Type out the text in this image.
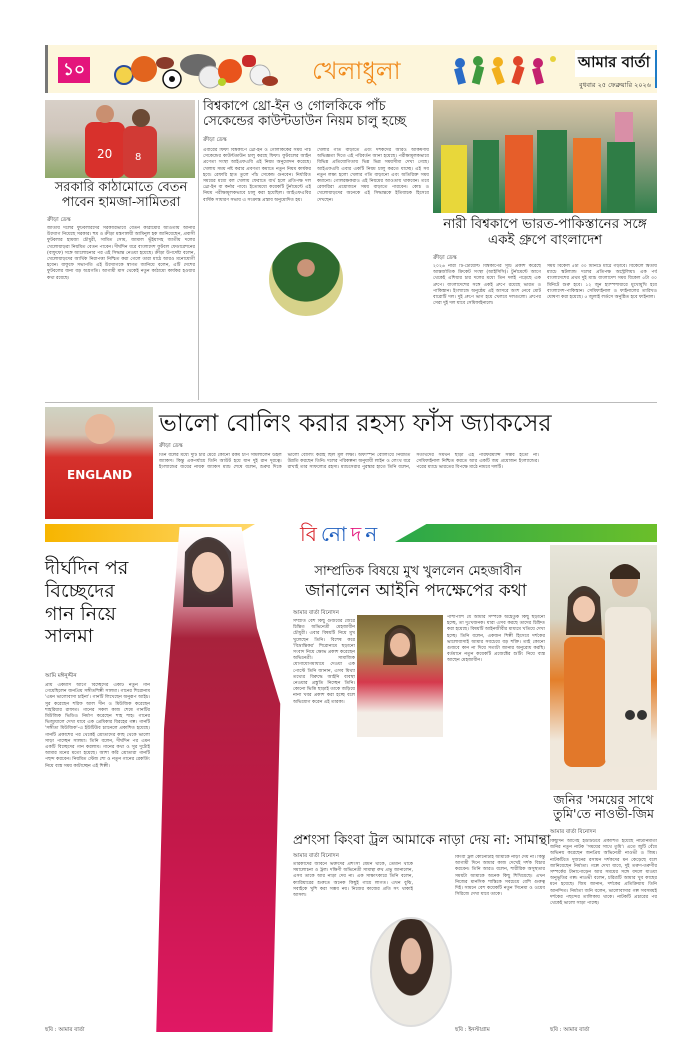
১০	খেলাধুলা	আমার বার্তা
বুধবার ২৫ ফেব্রুয়ারি ২০২৬
20 8
সরকারি কাঠামোতে বেতন পাবেন হামজা-সামিতরা
ক্রীড়া ডেস্ক
জাতীয় দলের ফুটবলারদের সরকারিভাবে বেতন কাঠামোর আওতায় আনার উদ্যোগ নিয়েছে সরকার। হুম ও ক্রীড়া মন্ত্রণালয়ী আমিনুল হক জানিয়েছেন, প্রবাসী ফুটবলার হামজা চৌধুরী, সামিত সোম, জামাল ভূঁইয়াসহ জাতীয় দলের খেলোয়াড়রা নিয়মিত বেতন পাবেন। দীর্ঘদিন ধরে বাংলাদেশ ফুটবল ফেডারেশনের (বাফুফে) সঙ্গে আলোচনার পর এই সিদ্ধান্ত নেওয়া হয়েছে। ক্রীড়া উপদেষ্টা বলেন, খেলোয়াড়দের আর্থিক নিরাপত্তা নিশ্চিত করা গেলে তারা মাঠে আরও মনোযোগী হবেন। বাফুফে সভাপতি এই উদ্যোগকে স্বাগত জানিয়ে বলেন, এটি দেশের ফুটবলের জন্য বড় অগ্রগতি। আগামী মাস থেকেই নতুন কাঠামো কার্যকর হওয়ার কথা রয়েছে।
বিশ্বকাপে থ্রো-ইন ও গোলকিকে পাঁচ সেকেন্ডের কাউন্টডাউন নিয়ম চালু হচ্ছে
ক্রীড়া ডেস্ক
এবারের ফিফা বিশ্বকাপে থ্রো-ইন ও গোলকিকের সময় পাঁচ সেকেন্ডের কাউন্টডাউন চালু করছে ফিফা। ফুটবলের আইন প্রণেতা সংস্থা আইএফএবি এই নিয়ম অনুমোদন করেছে। খেলায় সময় নষ্ট করার প্রবণতা কমাতে নতুন নিয়ম কার্যকর হবে। রেফারি হাত তুলে পাঁচ সেকেন্ড গুনবেন। নির্ধারিত সময়ের মধ্যে বল খেলায় ফেরাতে ব্যর্থ হলে প্রতিপক্ষ দল থ্রো-ইন বা কর্নার পাবে। ইতোমধ্যে কয়েকটি টুর্নামেন্টে এই নিয়ম পরীক্ষামূলকভাবে চালু করা হয়েছিল। আইএফএবির বার্ষিক সাধারণ সভায় এ সংক্রান্ত প্রস্তাব অনুমোদিত হয়।
খেলার গতি বাড়াতে এবং দর্শকদের আরও আকর্ষণীয় অভিজ্ঞতা দিতে এই পরিবর্তন আনা হয়েছে। পরীক্ষামূলকভাবে বিভিন্ন প্রতিযোগিতায় ভিন্ন ভিন্ন সময়সীমা দেখা গেছে। আইএফএবি এবার একটি নিয়ম চালু করতে যাচ্ছে। এই সব নতুন লক্ষ্য হলো খেলার গতি বাড়ানো এবং অতিরিক্ত সময় কমানো। গোলরক্ষকরাও এই নিয়মের আওতায় থাকবেন। তবে রেফারিরা প্রয়োজনে সময় বাড়াতে পারবেন। কোচ ও খেলোয়াড়দের অনেকে এই সিদ্ধান্তকে ইতিবাচক হিসেবে দেখছেন।
নারী বিশ্বকাপে ভারত-পাকিস্তানের সঙ্গে একই গ্রুপে বাংলাদেশ
ক্রীড়া ডেস্ক
২০২৬ নারী টি-টোয়েন্টি বিশ্বকাপের সূচি প্রকাশ করেছে আন্তর্জাতিক ক্রিকেট সংস্থা (আইসিসি)। টুর্নামেন্টে আগে থেকেই এশিয়ার চার দলের মধ্যে তিন দলই পড়েছে এক গ্রুপে। বাংলাদেশের সঙ্গে একই গ্রুপে রয়েছে ভারত ও পাকিস্তান। ইংল্যান্ডে অনুষ্ঠেয় এই আসরে অংশ নেবে মোট বারোটি দল। দুই গ্রুপে ভাগ হয়ে খেলবে দলগুলো। গ্রুপের সেরা দুই দল যাবে সেমিফাইনালে।
সময় বিকেল ৫টা ৩০ মিনিটে মাঠে গড়াবে। বিকেলে দ্বিতীয় ম্যাচে স্কটল্যান্ড দলের প্রতিপক্ষ অস্ট্রেলিয়া। এক পর্ব বাংলাদেশের প্রথম দুই ম্যাচ বাংলাদেশ সময় বিকেল ৫টা ৩০ মিনিটে শুরু হবে। ১২ জুন হ্যাম্পশায়ারে মুখোমুখি হবে বাংলাদেশ-পাকিস্তান। সেমিফাইনাল ও ফাইনালের তারিখও ঘোষণা করা হয়েছে। ৫ জুলাই লর্ডসে অনুষ্ঠিত হবে ফাইনাল।
ENGLAND
ভালো বোলিং করার রহস্য ফাঁস জ্যাকসের
ক্রীড়া ডেস্ক
তিন বলের মধ্যে দুটি চার মেরে কোনো রকম চাপ সামলালেন উইল জ্যাকস। কিন্তু একপর্যায়ে তিনি আউট হয়ে যান দুই রান দূরত্বে। ইংল্যান্ডের জয়ের নায়ক জ্যাকস ম্যাচ শেষে বলেন, শুরুর দিকে ভালো বোলিং করাই ছিল মূল লক্ষ্য। অফস্পিন বোলিংয়ে নিয়মিত উন্নতি করছেন তিনি। দলের পরিকল্পনা অনুযায়ী লাইন ও লেংথ ধরে রাখাই তার সাফল্যের রহস্য। ম্যাচসেরার পুরস্কার হাতে তিনি বলেন, সতীর্থদের সমর্থন ছাড়া এই পারফরম্যান্স সম্ভব হতো না। সেমিফাইনাল নিশ্চিত করতে আর একটি জয় প্রয়োজন ইংল্যান্ডের। পরের ম্যাচে ভারতের বিপক্ষে মাঠে নামবে দলটি।
বিনোদন
দীর্ঘদিন পর বিচ্ছেদের গান নিয়ে সালমা
আমি মঈনুদ্দীন
প্রায় একমাস আগে বিচ্ছেদের একটি নতুন গান গেয়েছিলেন জনপ্রিয় সঙ্গীতশিল্পী সালমা। গানের শিরোনাম 'এমন ভালোবাসা চাইনা'। গানটি লিখেছেন অনুরূপ আইচ। সুর করেছেন শরিফ আল দীন ও মিউজিক করেছেন শাহরিয়ার রাফাত। গানের সকল কাজ শেষে গানটির মিউজিক ভিডিও নির্মাণ করেছেন শাহ শাহ। গানের ভিজ্যুয়ালে দেখা যাবে এক প্রেমিকার বিরহের গল্প। গানটি 'সঙ্গীতা মিউজিক'-এ ইউটিউব চ্যানেলে প্রকাশিত হয়েছে। গানটি প্রকাশের পর থেকেই শ্রোতাদের কাছ থেকে ভালো সাড়া পাচ্ছেন সালমা। তিনি বলেন, দীর্ঘদিন পর এমন একটি বিচ্ছেদের গান করলাম। গানের কথা ও সুর দুটোই আমার মনের মতো হয়েছে। আশা করি শ্রোতারা গানটি পছন্দ করবেন। নিয়মিত স্টেজ শো ও নতুন গানের রেকর্ডিং নিয়ে ব্যস্ত সময় কাটাচ্ছেন এই শিল্পী।
ছবি : আমার বার্তা
সাম্প্রতিক বিষয়ে মুখ খুললেন মেহজাবীন
জানালেন আইনি পদক্ষেপের কথা
আমার বার্তা বিনোদন
সম্প্রতি বেশ কিছু গুজবের জেরে চিন্তিত অভিনেত্রী মেহজাবীন চৌধুরী। এবার বিষয়টি নিয়ে মুখ খুলেছেন তিনি। বিশেষ করে 'বিভ্রান্তিকর' শিরোনামে ছড়ানো সংবাদ নিয়ে ক্ষোভ প্রকাশ করেছেন অভিনেত্রী। সামাজিক যোগাযোগমাধ্যমে দেওয়া এক পোস্টে তিনি জানান, এসব মিথ্যা তথ্যের বিরুদ্ধে আইনি ব্যবস্থা নেওয়ার প্রস্তুতি নিচ্ছেন তিনি। কোনো ভিত্তি ছাড়াই তাকে জড়িয়ে নানা খবর প্রকাশ করা হচ্ছে বলে অভিযোগ করেন এই তারকা।
পাশাপাশি যে আমার সম্পর্কে অহেতুক কিছু ছড়ানো হচ্ছে, তা দুঃখজনক। যারা এসব করছে তাদের চিহ্নিত করা হয়েছে। বিষয়টি আইনজীবীর মাধ্যমে খতিয়ে দেখা হচ্ছে। তিনি বলেন, একজন শিল্পী হিসেবে দর্শকের ভালোবাসাই আমার সবচেয়ে বড় শক্তি। তাই কোনো গুজবে কান না দিয়ে সত্যটা জানার অনুরোধ করছি। বর্তমানে নতুন কয়েকটি প্রজেক্টের শুটিং নিয়ে ব্যস্ত আছেন মেহজাবীন।
প্রশংসা কিংবা ট্রল আমাকে নাড়া দেয় না: সামান্থা
আমার বার্তা বিনোদন
তারকাদের জীবনে ভক্তদের প্রশংসা যেমন থাকে, তেমনি থাকে সমালোচনা ও ট্রল। দক্ষিণী অভিনেত্রী সামান্থা রুথ প্রভু জানালেন, এসব তাকে আর নাড়া দেয় না। এক সাক্ষাৎকারে তিনি বলেন, ক্যারিয়ারের শুরুতে অনেক কিছুই গায়ে লাগত। এখন বুঝি, সবাইকে খুশি করা সম্ভব নয়। নিজের কাজের প্রতি সৎ থাকাই আসল।
কিংবা ট্রল কোনোটাই আমাকে নাড়া দেয় না। কিন্তু আগামী দিনে আমার কাজ দেখেই দর্শক বিচার করবেন। তিনি আরও বলেন, শারীরিক অসুস্থতার সময়টা আমাকে অনেক কিছু শিখিয়েছে। এখন নিজের মানসিক শান্তিকে সবচেয়ে বেশি গুরুত্ব দিই। সামনে বেশ কয়েকটি নতুন সিনেমা ও ওয়েব সিরিজে দেখা যাবে তাকে।
ছবি : ইনস্টাগ্রাম
জনির 'সময়ের সাথে তুমি'তে নাওভী-জিম
আমার বার্তা বিনোদন
কিছুদিন আগেই ইউটিউবে প্রকাশিত হয়েছে নাট্যনির্মাতা জনির নতুন নাটক 'সময়ের সাথে তুমি'। এতে জুটি বেঁধে অভিনয় করেছেন জনপ্রিয় অভিনেত্রী নাওভী ও জিম। নাটকটিতে দুজনের রসায়ন দর্শকদের মন কেড়েছে বলে জানিয়েছেন নির্মাতা। গল্পে দেখা যাবে, দুই তরুণ-তরুণীর সম্পর্কের টানাপোড়েন আর সময়ের সঙ্গে বদলে যাওয়া অনুভূতির গল্প। নাওভী বলেন, চরিত্রটি আমার খুব কাছের মনে হয়েছে। জিম জানান, দর্শকের প্রতিক্রিয়ায় তিনি আনন্দিত। নির্মাতা জনি বলেন, ভালোবাসার গল্প সবসময়ই দর্শকের পছন্দের তালিকায় থাকে। নাটকটি প্রচারের পর থেকেই ভালো সাড়া পাচ্ছে।
ছবি : আমার বার্তা
